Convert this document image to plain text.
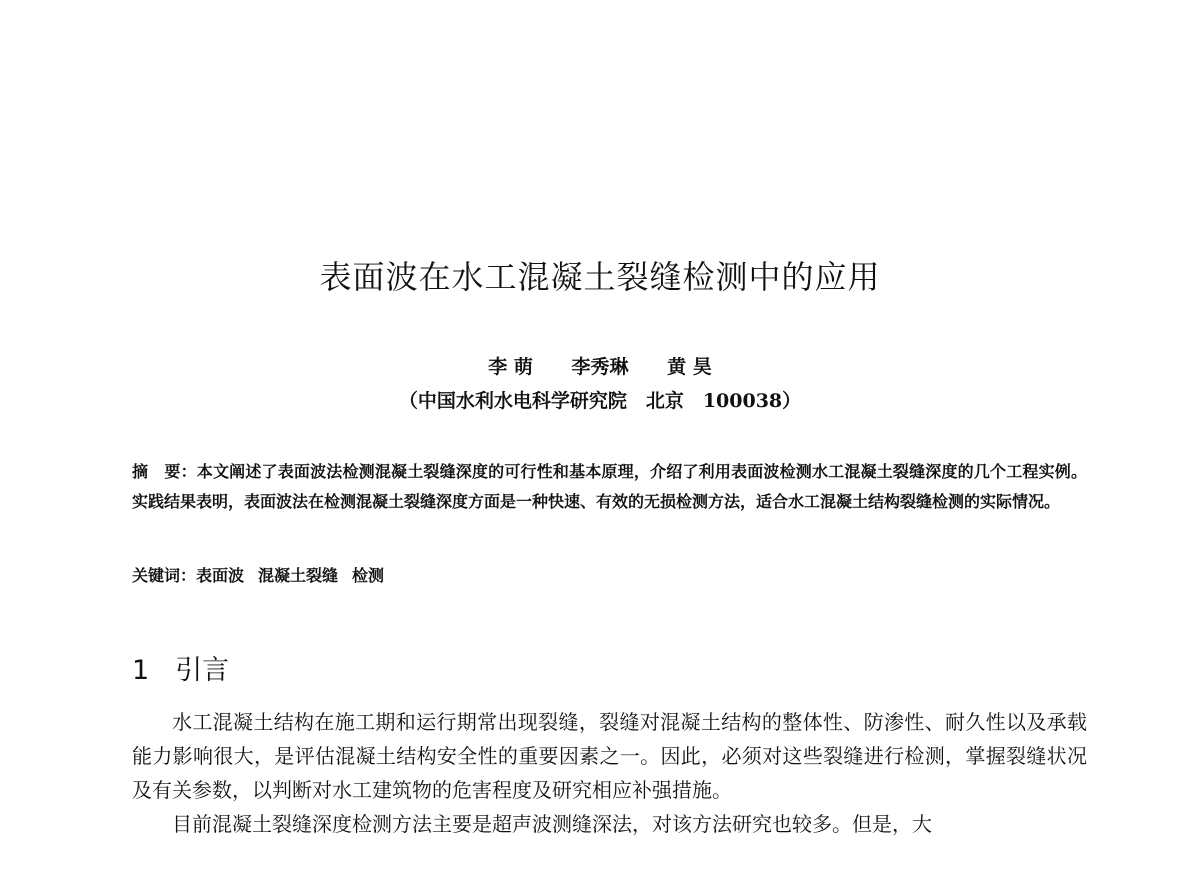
表面波在水工混凝土裂缝检测中的应用
李 萌 李秀琳 黄 昊
（中国水利水电科学研究院　北京　100038）
摘　要：本文阐述了表面波法检测混凝土裂缝深度的可行性和基本原理，介绍了利用表面波检测水工混凝土裂缝深度的几个工程实例。实践结果表明，表面波法在检测混凝土裂缝深度方面是一种快速、有效的无损检测方法，适合水工混凝土结构裂缝检测的实际情况。
关键词：表面波 混凝土裂缝 检测
1 引言

水工混凝土结构在施工期和运行期常出现裂缝，裂缝对混凝土结构的整体性、防渗性、耐久性以及承载能力影响很大，是评估混凝土结构安全性的重要因素之一。因此，必须对这些裂缝进行检测，掌握裂缝状况及有关参数，以判断对水工建筑物的危害程度及研究相应补强措施。

目前混凝土裂缝深度检测方法主要是超声波测缝深法，对该方法研究也较多。但是，大
